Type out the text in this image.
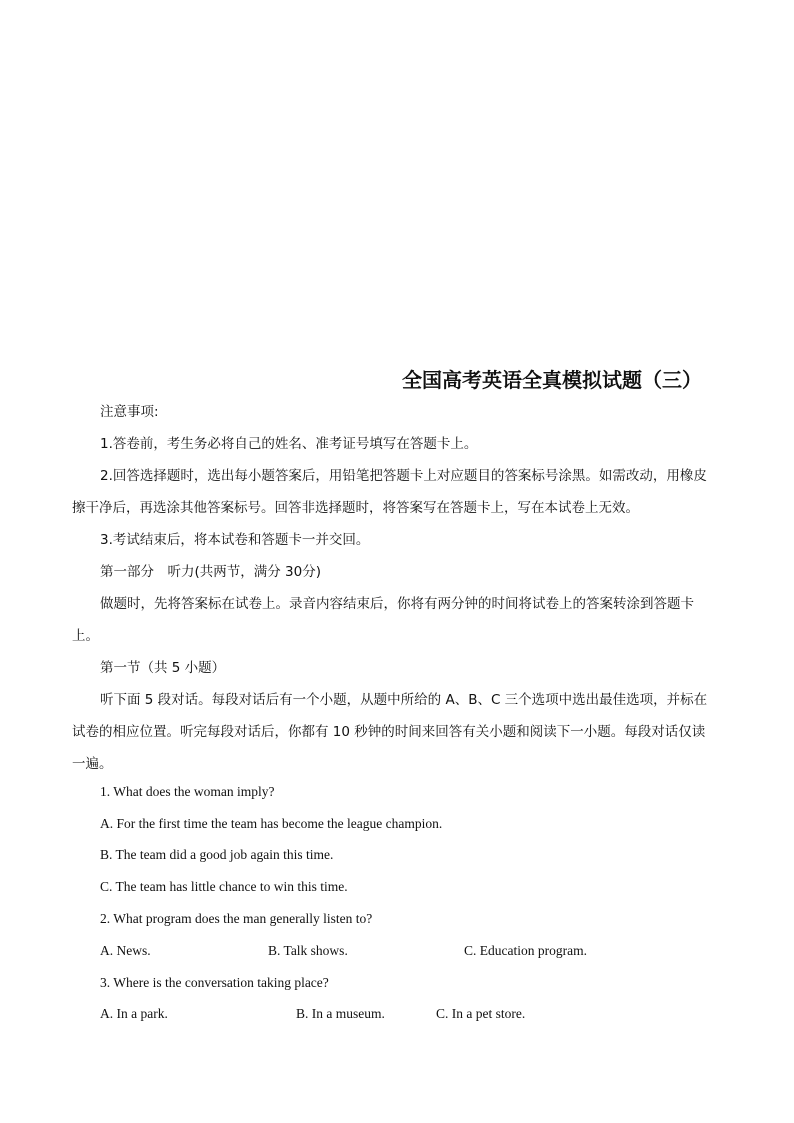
全国高考英语全真模拟试题（三）
注意事项:
1.答卷前，考生务必将自己的姓名、准考证号填写在答题卡上。
2.回答选择题时，选出每小题答案后，用铅笔把答题卡上对应题目的答案标号涂黑。如需改动，用橡皮
擦干净后，再选涂其他答案标号。回答非选择题时，将答案写在答题卡上，写在本试卷上无效。
3.考试结束后，将本试卷和答题卡一并交回。
第一部分　听力(共两节，满分 30分)
做题时，先将答案标在试卷上。录音内容结束后，你将有两分钟的时间将试卷上的答案转涂到答题卡
上。
第一节（共 5 小题）
听下面 5 段对话。每段对话后有一个小题，从题中所给的 A、B、C 三个选项中选出最佳选项，并标在
试卷的相应位置。听完每段对话后，你都有 10 秒钟的时间来回答有关小题和阅读下一小题。每段对话仅读
一遍。
1. What does the woman imply?
A. For the first time the team has become the league champion.
B. The team did a good job again this time.
C. The team has little chance to win this time.
2. What program does the man generally listen to?
A. News.	B. Talk shows.	C. Education program.
3. Where is the conversation taking place?
A. In a park.	B. In a museum.	C. In a pet store.
